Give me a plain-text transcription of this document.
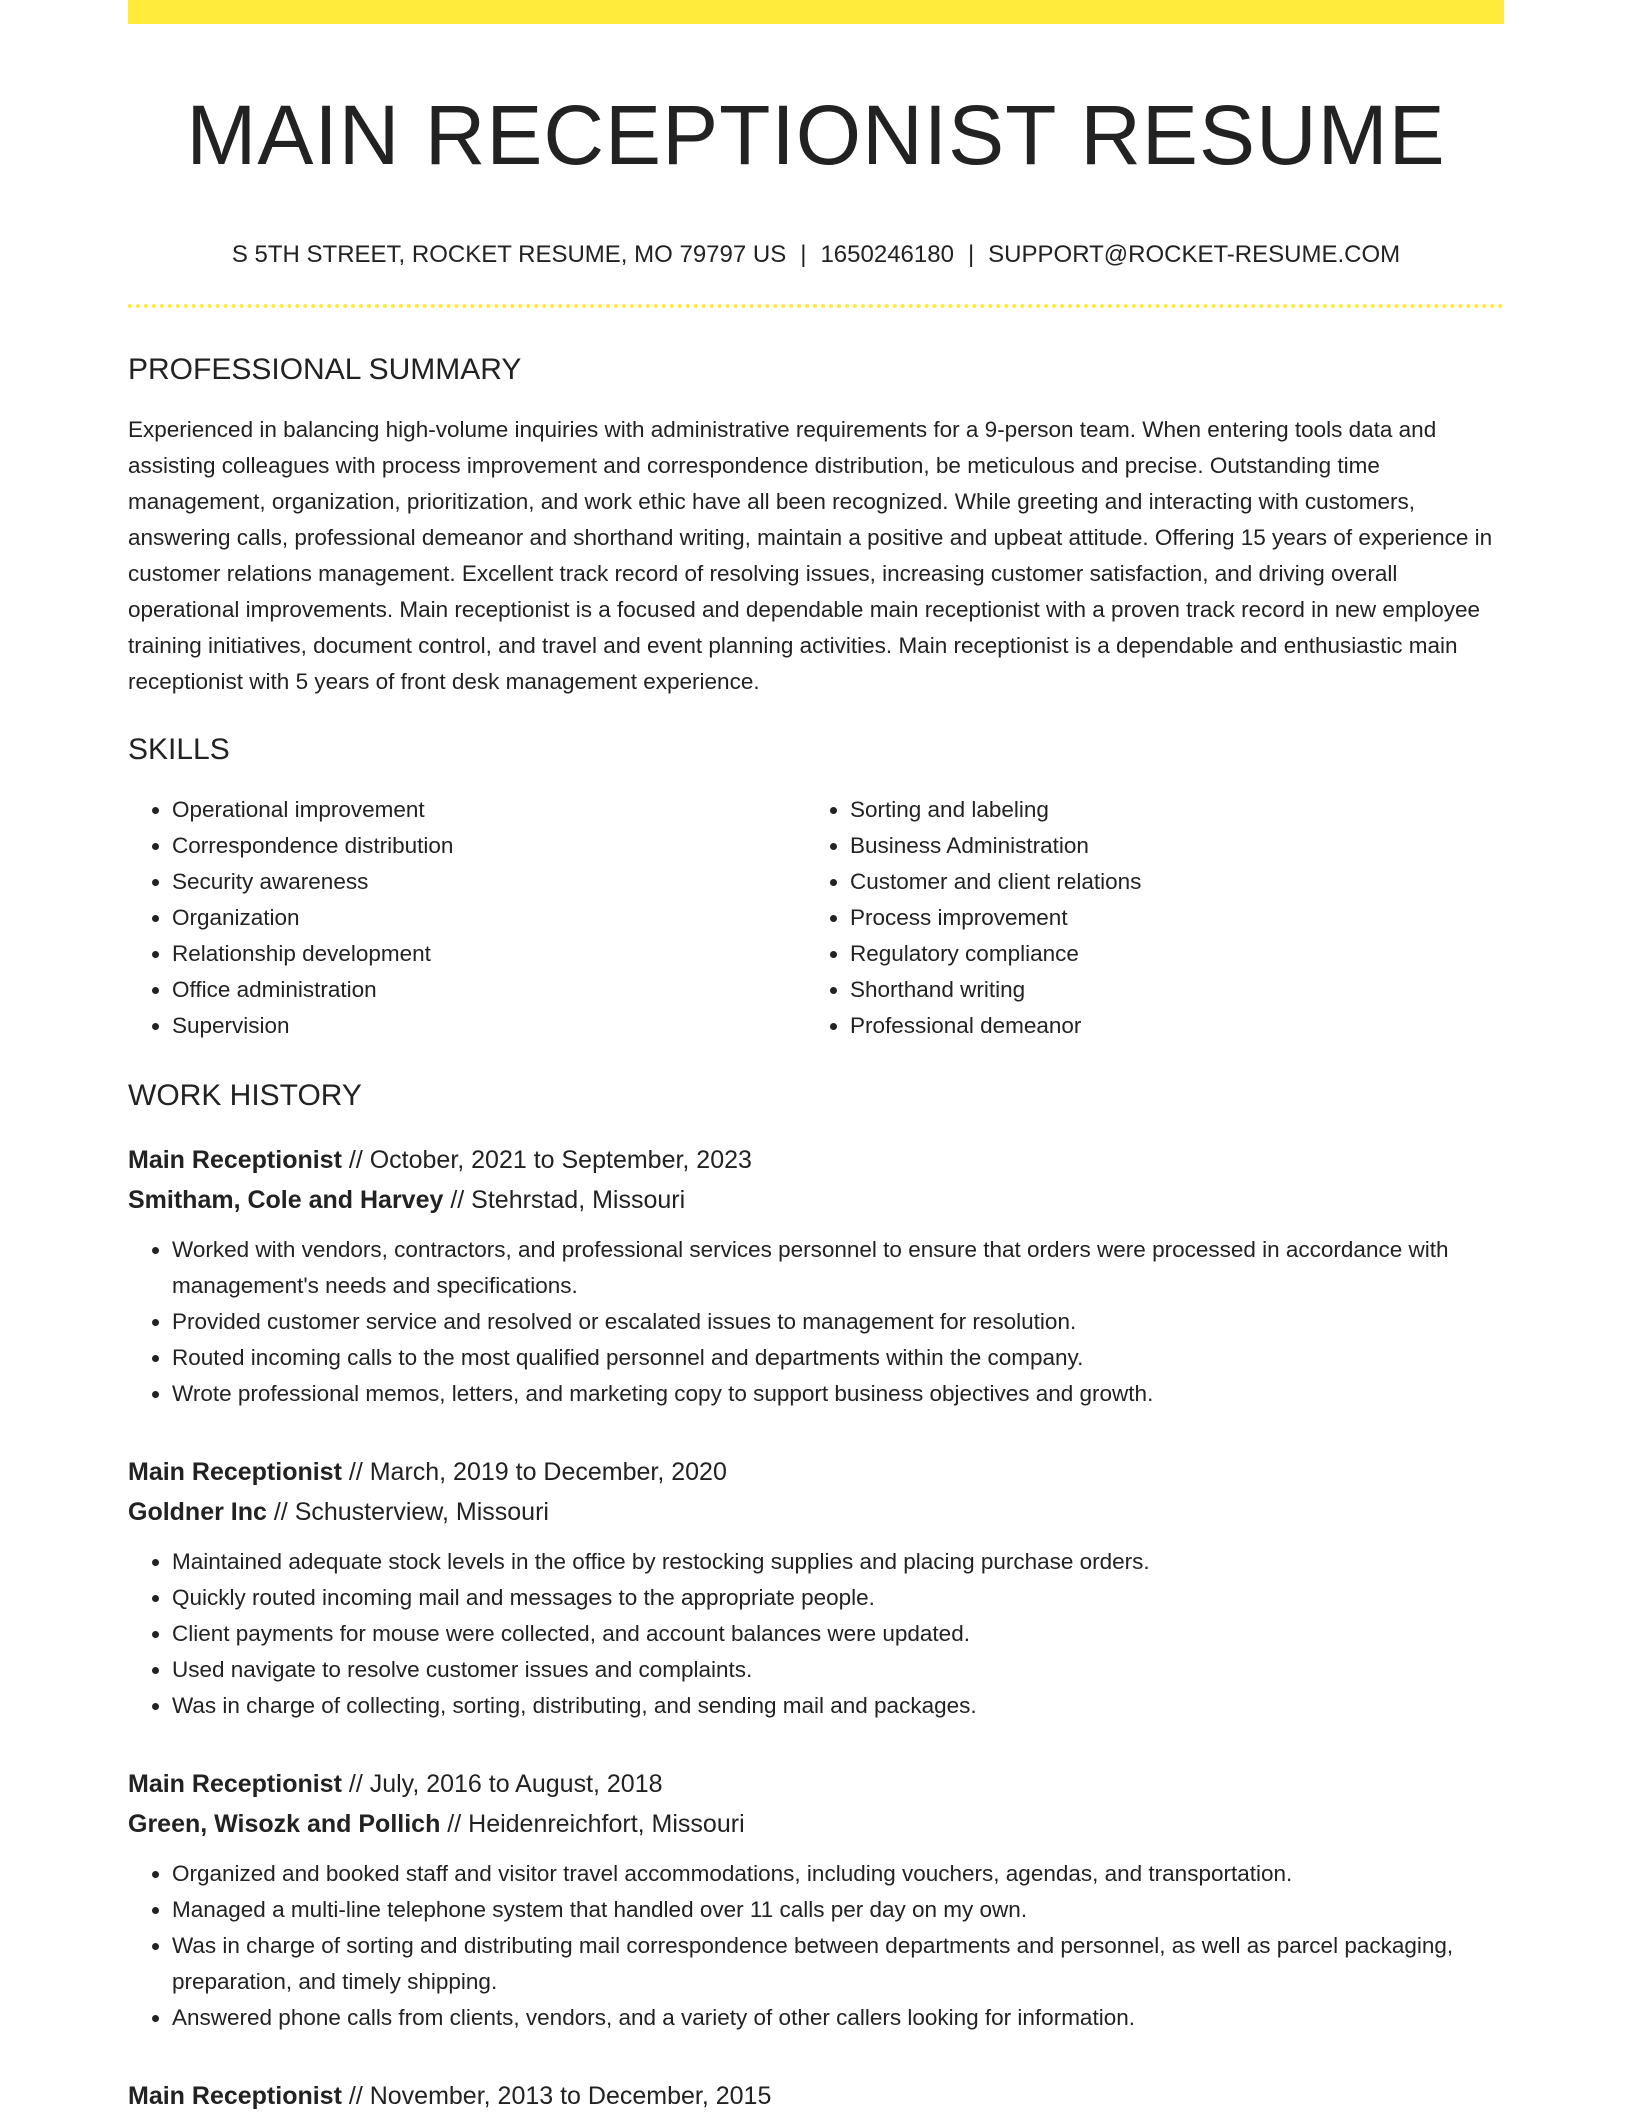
MAIN RECEPTIONIST RESUME
S 5TH STREET, ROCKET RESUME, MO 79797 US | 1650246180 | SUPPORT@ROCKET-RESUME.COM
PROFESSIONAL SUMMARY

Experienced in balancing high-volume inquiries with administrative requirements for a 9-person team. When entering tools data and assisting colleagues with process improvement and correspondence distribution, be meticulous and precise. Outstanding time management, organization, prioritization, and work ethic have all been recognized. While greeting and interacting with customers, answering calls, professional demeanor and shorthand writing, maintain a positive and upbeat attitude. Offering 15 years of experience in customer relations management. Excellent track record of resolving issues, increasing customer satisfaction, and driving overall operational improvements. Main receptionist is a focused and dependable main receptionist with a proven track record in new employee training initiatives, document control, and travel and event planning activities. Main receptionist is a dependable and enthusiastic main receptionist with 5 years of front desk management experience.

SKILLS
• Operational improvement
• Correspondence distribution
• Security awareness
• Organization
• Relationship development
• Office administration
• Supervision
• Sorting and labeling
• Business Administration
• Customer and client relations
• Process improvement
• Regulatory compliance
• Shorthand writing
• Professional demeanor
WORK HISTORY
Main Receptionist // October, 2021 to September, 2023
Smitham, Cole and Harvey // Stehrstad, Missouri
• Worked with vendors, contractors, and professional services personnel to ensure that orders were processed in accordance with management's needs and specifications.
• Provided customer service and resolved or escalated issues to management for resolution.
• Routed incoming calls to the most qualified personnel and departments within the company.
• Wrote professional memos, letters, and marketing copy to support business objectives and growth.
Main Receptionist // March, 2019 to December, 2020
Goldner Inc // Schusterview, Missouri
• Maintained adequate stock levels in the office by restocking supplies and placing purchase orders.
• Quickly routed incoming mail and messages to the appropriate people.
• Client payments for mouse were collected, and account balances were updated.
• Used navigate to resolve customer issues and complaints.
• Was in charge of collecting, sorting, distributing, and sending mail and packages.
Main Receptionist // July, 2016 to August, 2018
Green, Wisozk and Pollich // Heidenreichfort, Missouri
• Organized and booked staff and visitor travel accommodations, including vouchers, agendas, and transportation.
• Managed a multi-line telephone system that handled over 11 calls per day on my own.
• Was in charge of sorting and distributing mail correspondence between departments and personnel, as well as parcel packaging, preparation, and timely shipping.
• Answered phone calls from clients, vendors, and a variety of other callers looking for information.
Main Receptionist // November, 2013 to December, 2015
